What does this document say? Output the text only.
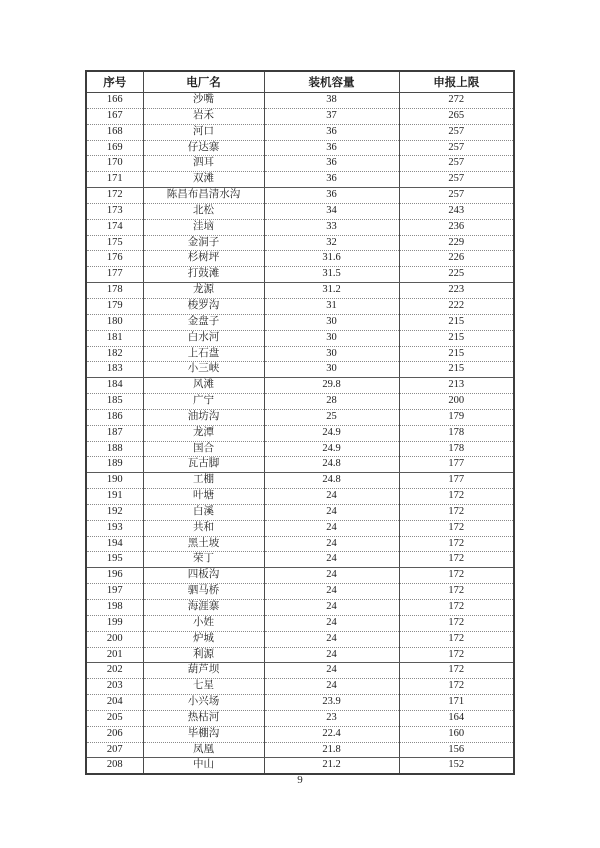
序号	电厂名	装机容量	申报上限
166	沙嘴	38	272
167	岩禾	37	265
168	河口	36	257
169	仔达寨	36	257
170	泗耳	36	257
171	双滩	36	257
172	陈昌布昌清水沟	36	257
173	北松	34	243
174	洼垴	33	236
175	金洞子	32	229
176	杉树坪	31.6	226
177	打鼓滩	31.5	225
178	龙源	31.2	223
179	梭罗沟	31	222
180	金盘子	30	215
181	白水河	30	215
182	上石盘	30	215
183	小三峡	30	215
184	风滩	29.8	213
185	广宁	28	200
186	油坊沟	25	179
187	龙潭	24.9	178
188	国合	24.9	178
189	瓦古脚	24.8	177
190	工棚	24.8	177
191	叶塘	24	172
192	白溪	24	172
193	共和	24	172
194	黑土坡	24	172
195	荣丁	24	172
196	四板沟	24	172
197	驷马桥	24	172
198	海涯寨	24	172
199	小姓	24	172
200	炉城	24	172
201	利源	24	172
202	葫芦坝	24	172
203	七星	24	172
204	小兴场	23.9	171
205	热枯河	23	164
206	毕棚沟	22.4	160
207	凤凰	21.8	156
208	中山	21.2	152
9
